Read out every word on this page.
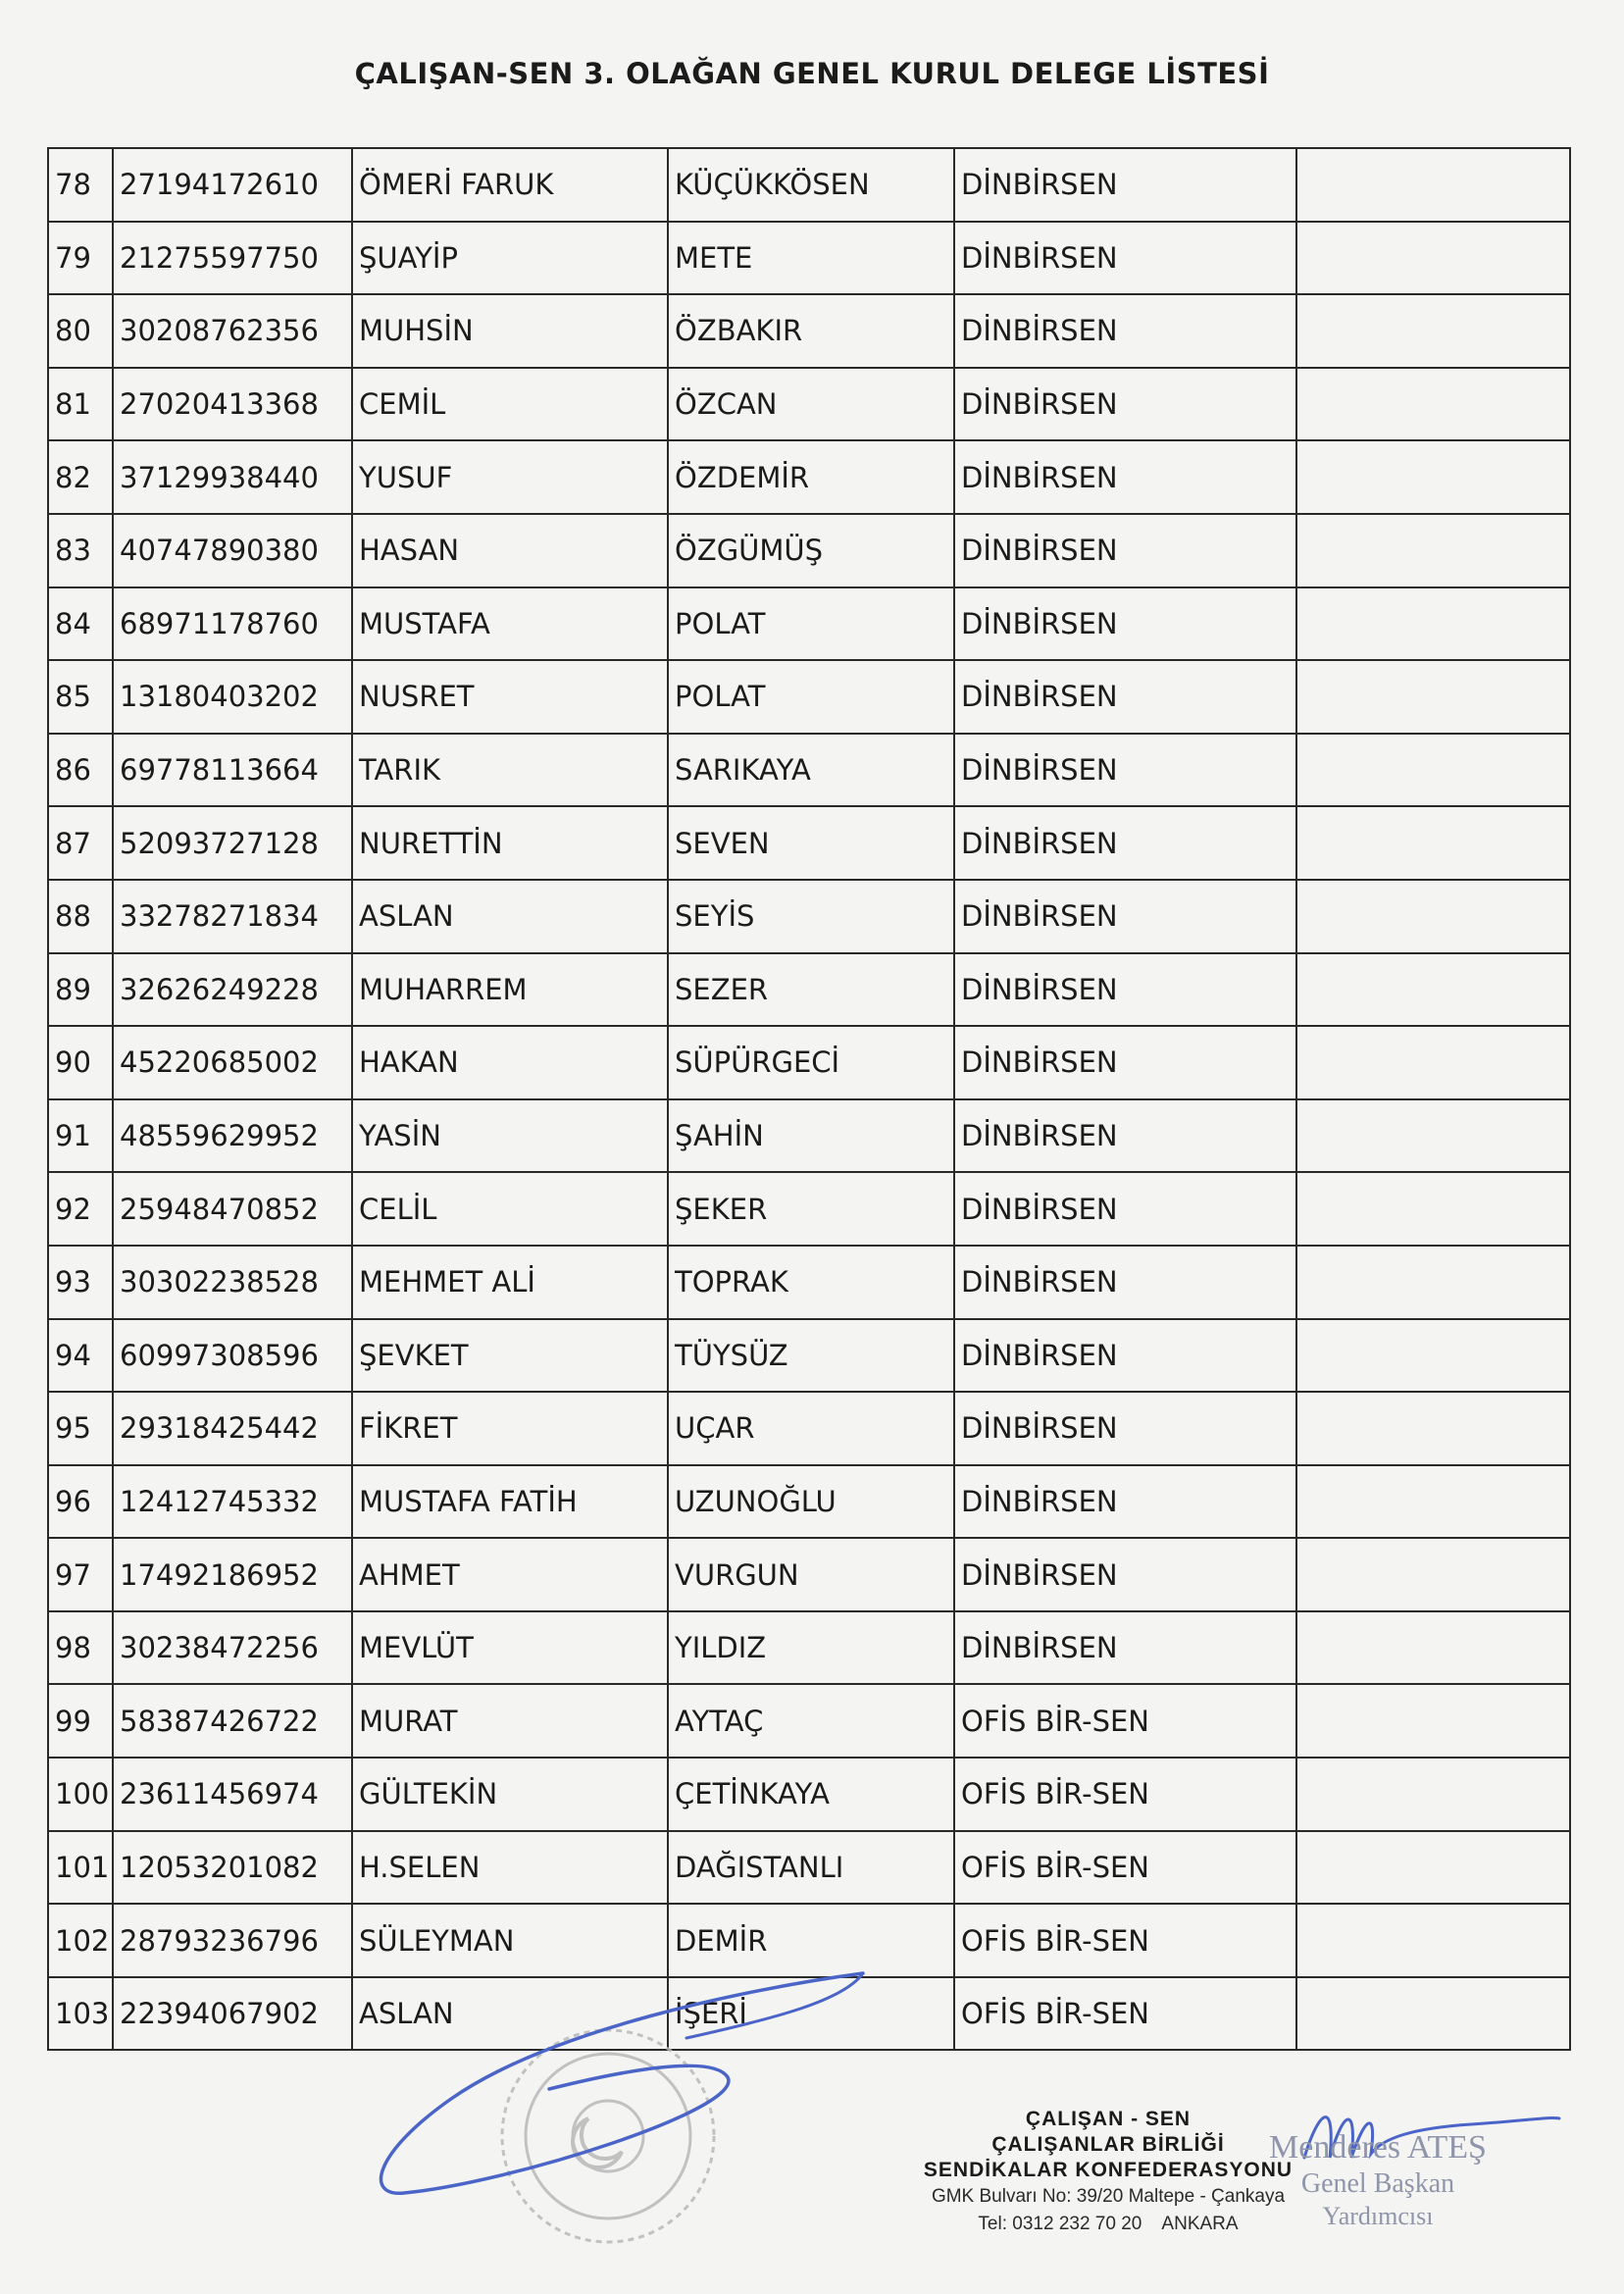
ÇALIŞAN-SEN 3. OLAĞAN GENEL KURUL DELEGE LİSTESİ
78	27194172610	ÖMERİ FARUK	KÜÇÜKKÖSEN	DİNBİRSEN	
79	21275597750	ŞUAYİP	METE	DİNBİRSEN	
80	30208762356	MUHSİN	ÖZBAKIR	DİNBİRSEN	
81	27020413368	CEMİL	ÖZCAN	DİNBİRSEN	
82	37129938440	YUSUF	ÖZDEMİR	DİNBİRSEN	
83	40747890380	HASAN	ÖZGÜMÜŞ	DİNBİRSEN	
84	68971178760	MUSTAFA	POLAT	DİNBİRSEN	
85	13180403202	NUSRET	POLAT	DİNBİRSEN	
86	69778113664	TARIK	SARIKAYA	DİNBİRSEN	
87	52093727128	NURETTİN	SEVEN	DİNBİRSEN	
88	33278271834	ASLAN	SEYİS	DİNBİRSEN	
89	32626249228	MUHARREM	SEZER	DİNBİRSEN	
90	45220685002	HAKAN	SÜPÜRGECİ	DİNBİRSEN	
91	48559629952	YASİN	ŞAHİN	DİNBİRSEN	
92	25948470852	CELİL	ŞEKER	DİNBİRSEN	
93	30302238528	MEHMET ALİ	TOPRAK	DİNBİRSEN	
94	60997308596	ŞEVKET	TÜYSÜZ	DİNBİRSEN	
95	29318425442	FİKRET	UÇAR	DİNBİRSEN	
96	12412745332	MUSTAFA FATİH	UZUNOĞLU	DİNBİRSEN	
97	17492186952	AHMET	VURGUN	DİNBİRSEN	
98	30238472256	MEVLÜT	YILDIZ	DİNBİRSEN	
99	58387426722	MURAT	AYTAÇ	OFİS BİR-SEN	
100	23611456974	GÜLTEKİN	ÇETİNKAYA	OFİS BİR-SEN	
101	12053201082	H.SELEN	DAĞISTANLI	OFİS BİR-SEN	
102	28793236796	SÜLEYMAN	DEMİR	OFİS BİR-SEN	
103	22394067902	ASLAN	İŞERİ	OFİS BİR-SEN	
ÇALIŞAN - SEN
ÇALIŞANLAR BİRLİĞİ
SENDİKALAR KONFEDERASYONU
GMK Bulvarı No: 39/20 Maltepe - Çankaya
Tel: 0312 232 70 20 ANKARA
Menderes ATEŞ
Genel Başkan
Yardımcısı
